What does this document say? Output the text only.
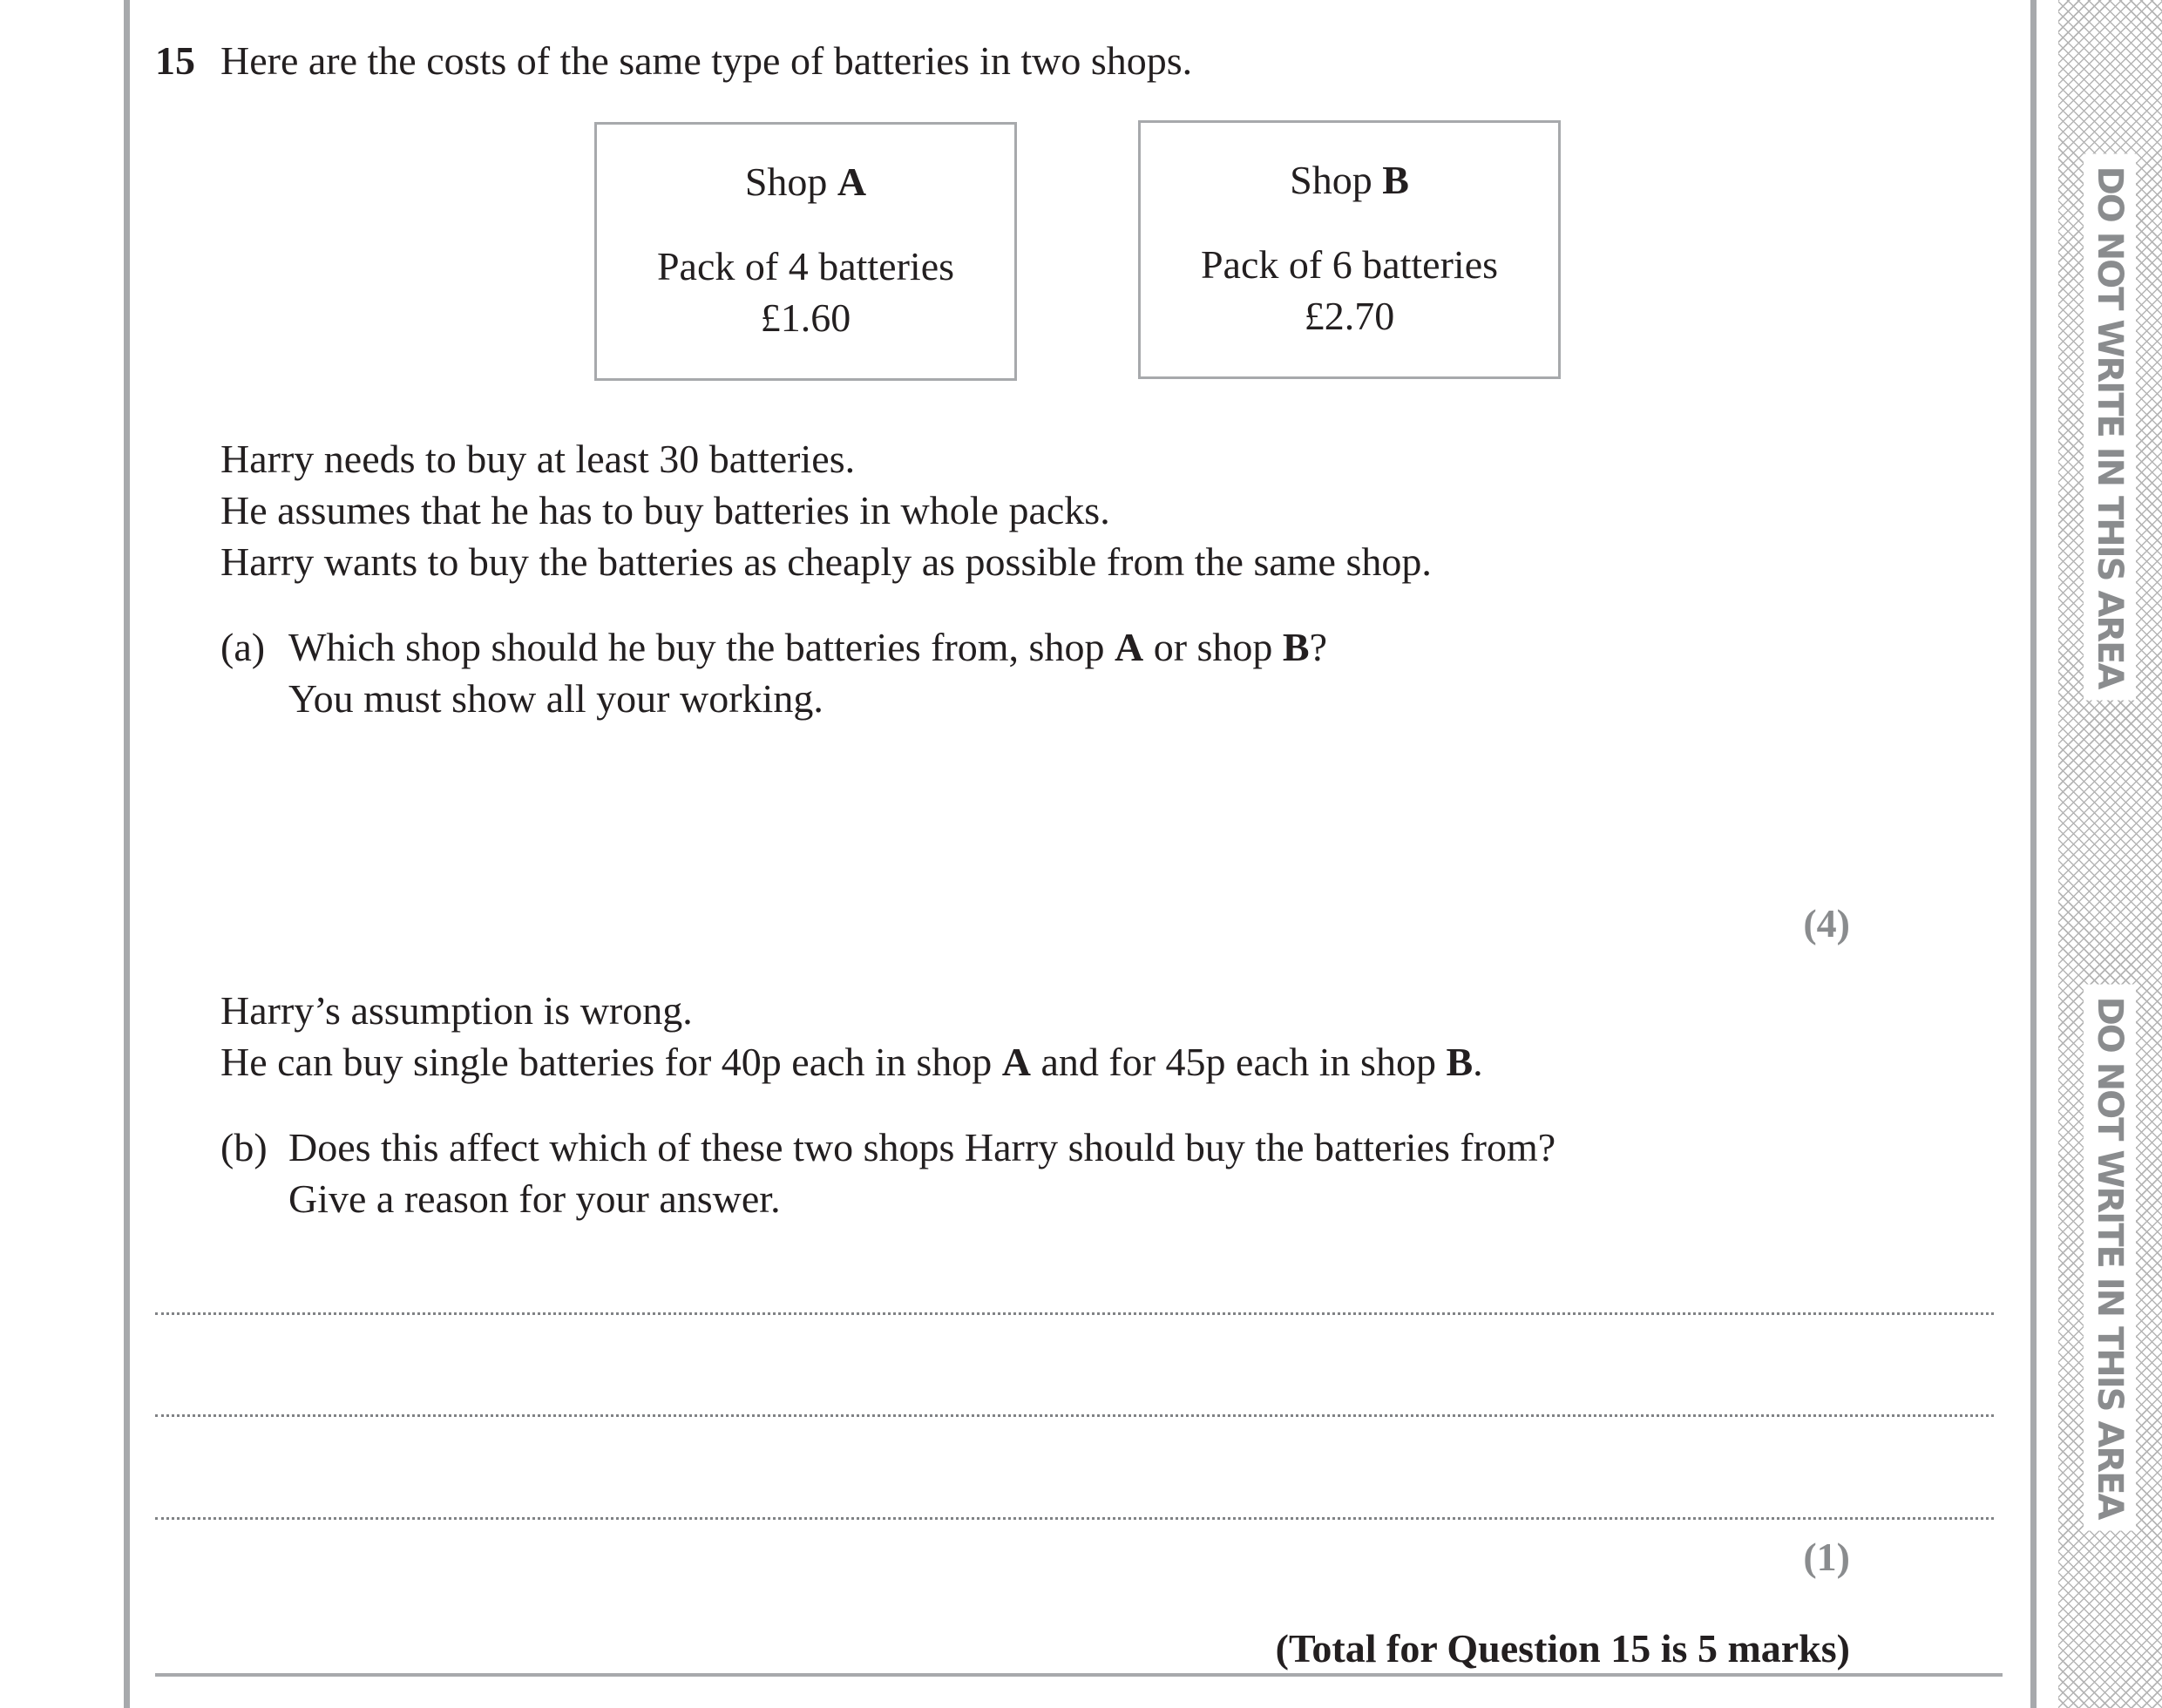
DO NOT WRITE IN THIS AREA
DO NOT WRITE IN THIS AREA
15 Here are the costs of the same type of batteries in two shops.
Shop A
Pack of 4 batteries
£1.60
Shop B
Pack of 6 batteries
£2.70
Harry needs to buy at least 30 batteries.
He assumes that he has to buy batteries in whole packs.
Harry wants to buy the batteries as cheaply as possible from the same shop.
(a) Which shop should he buy the batteries from, shop A or shop B?
You must show all your working.
(4)
Harry’s assumption is wrong.
He can buy single batteries for 40p each in shop A and for 45p each in shop B.
(b) Does this affect which of these two shops Harry should buy the batteries from?
Give a reason for your answer.
(1)
(Total for Question 15 is 5 marks)
